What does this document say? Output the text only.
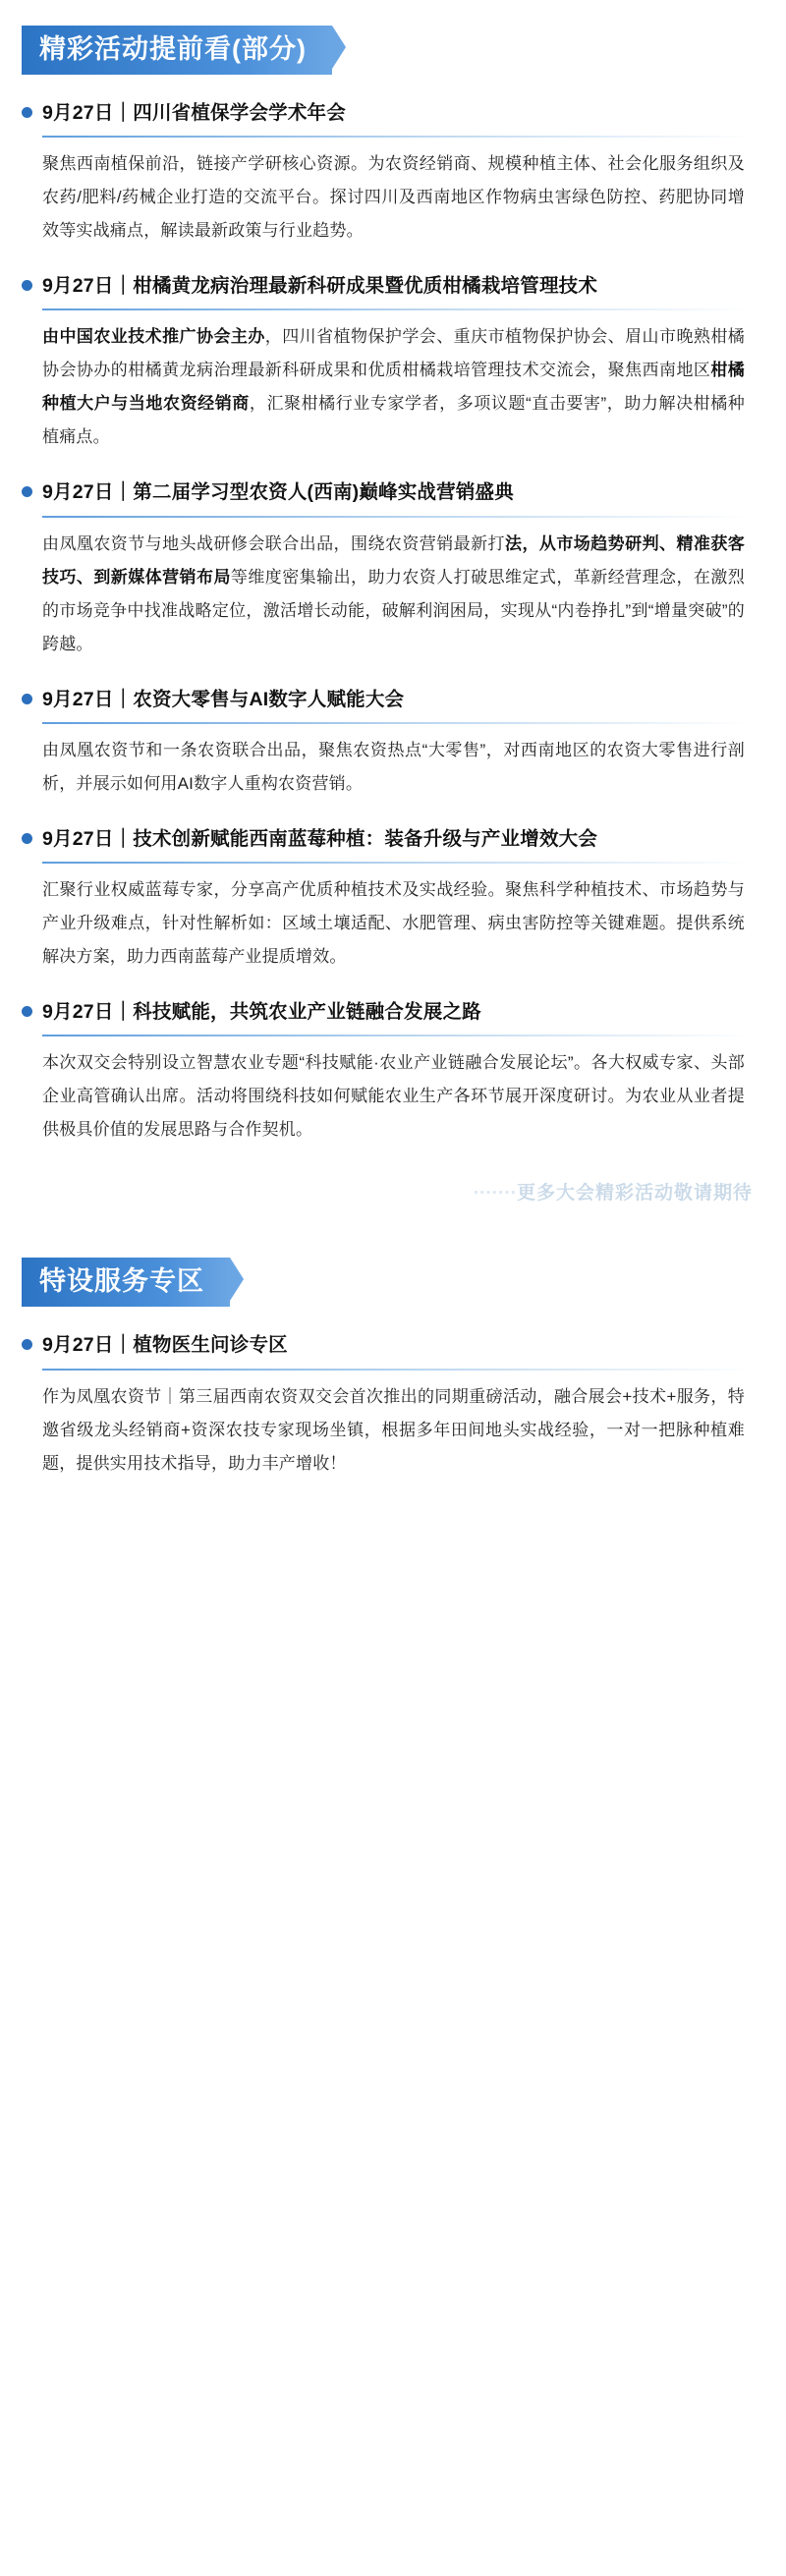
精彩活动提前看(部分)
9月27日｜四川省植保学会学术年会
聚焦西南植保前沿，链接产学研核心资源。为农资经销商、规模种植主体、社会化服务组织及农药/肥料/药械企业打造的交流平台。探讨四川及西南地区作物病虫害绿色防控、药肥协同增效等实战痛点，解读最新政策与行业趋势。
9月27日｜柑橘黄龙病治理最新科研成果暨优质柑橘栽培管理技术
由中国农业技术推广协会主办，四川省植物保护学会、重庆市植物保护协会、眉山市晚熟柑橘协会协办的柑橘黄龙病治理最新科研成果和优质柑橘栽培管理技术交流会，聚焦西南地区柑橘种植大户与当地农资经销商，汇聚柑橘行业专家学者，多项议题“直击要害”，助力解决柑橘种植痛点。
9月27日｜第二届学习型农资人(西南)巅峰实战营销盛典
由凤凰农资节与地头战研修会联合出品，围绕农资营销最新打法，从市场趋势研判、精准获客技巧、到新媒体营销布局等维度密集输出，助力农资人打破思维定式，革新经营理念，在激烈的市场竞争中找准战略定位，激活增长动能，破解利润困局，实现从“内卷挣扎”到“增量突破”的跨越。
9月27日｜农资大零售与AI数字人赋能大会
由凤凰农资节和一条农资联合出品，聚焦农资热点“大零售”，对西南地区的农资大零售进行剖析，并展示如何用AI数字人重构农资营销。
9月27日｜技术创新赋能西南蓝莓种植：装备升级与产业增效大会
汇聚行业权威蓝莓专家，分享高产优质种植技术及实战经验。聚焦科学种植技术、市场趋势与产业升级难点，针对性解析如：区域土壤适配、水肥管理、病虫害防控等关键难题。提供系统解决方案，助力西南蓝莓产业提质增效。
9月27日｜科技赋能，共筑农业产业链融合发展之路
本次双交会特别设立智慧农业专题“科技赋能·农业产业链融合发展论坛”。各大权威专家、头部企业高管确认出席。活动将围绕科技如何赋能农业生产各环节展开深度研讨。为农业从业者提供极具价值的发展思路与合作契机。
·······更多大会精彩活动敬请期待
特设服务专区
9月27日｜植物医生问诊专区
作为凤凰农资节｜第三届西南农资双交会首次推出的同期重磅活动，融合展会+技术+服务，特邀省级龙头经销商+资深农技专家现场坐镇，根据多年田间地头实战经验，一对一把脉种植难题，提供实用技术指导，助力丰产增收！
